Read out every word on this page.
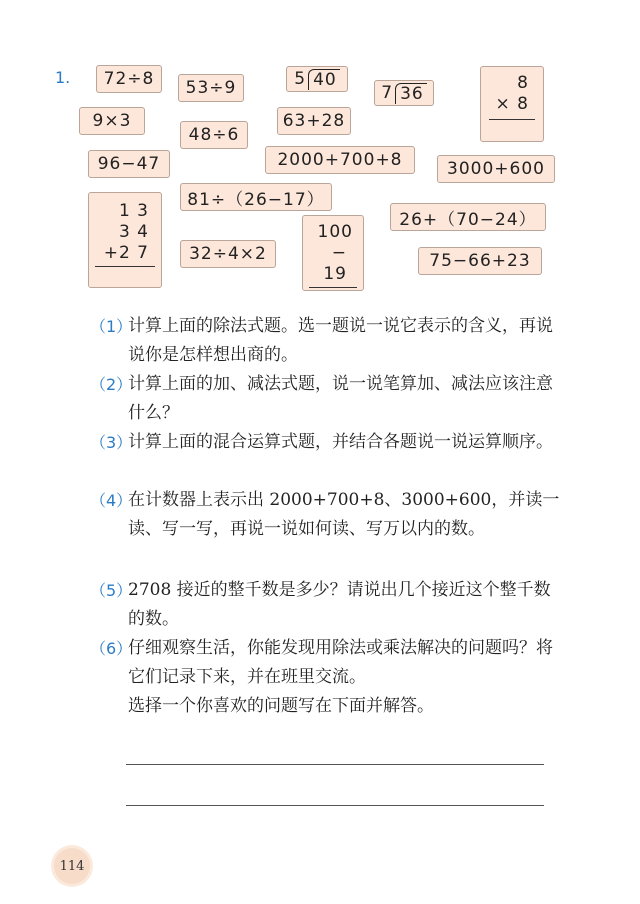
1. 72÷8 53÷9	5 40
7 36
8
× 8
9×3
48÷6
63+28
96−47	2000+700+8	3000+600
1 3
3 4
+2 7
81÷（26−17）
26+（70−24）
100
− 19
32÷4×2	75−66+23
（1）
计算上面的除法式题。选一题说一说它表示的含义，再说说你是怎样想出商的。
（2）
计算上面的加、减法式题，说一说笔算加、减法应该注意什么？
（3）
计算上面的混合运算式题，并结合各题说一说运算顺序。
（4）
在计数器上表示出 2000+700+8、3000+600，并读一读、写一写，再说一说如何读、写万以内的数。
（5）
2708 接近的整千数是多少？请说出几个接近这个整千数的数。
（6）
仔细观察生活，你能发现用除法或乘法解决的问题吗？将它们记录下来，并在班里交流。
选择一个你喜欢的问题写在下面并解答。
114
